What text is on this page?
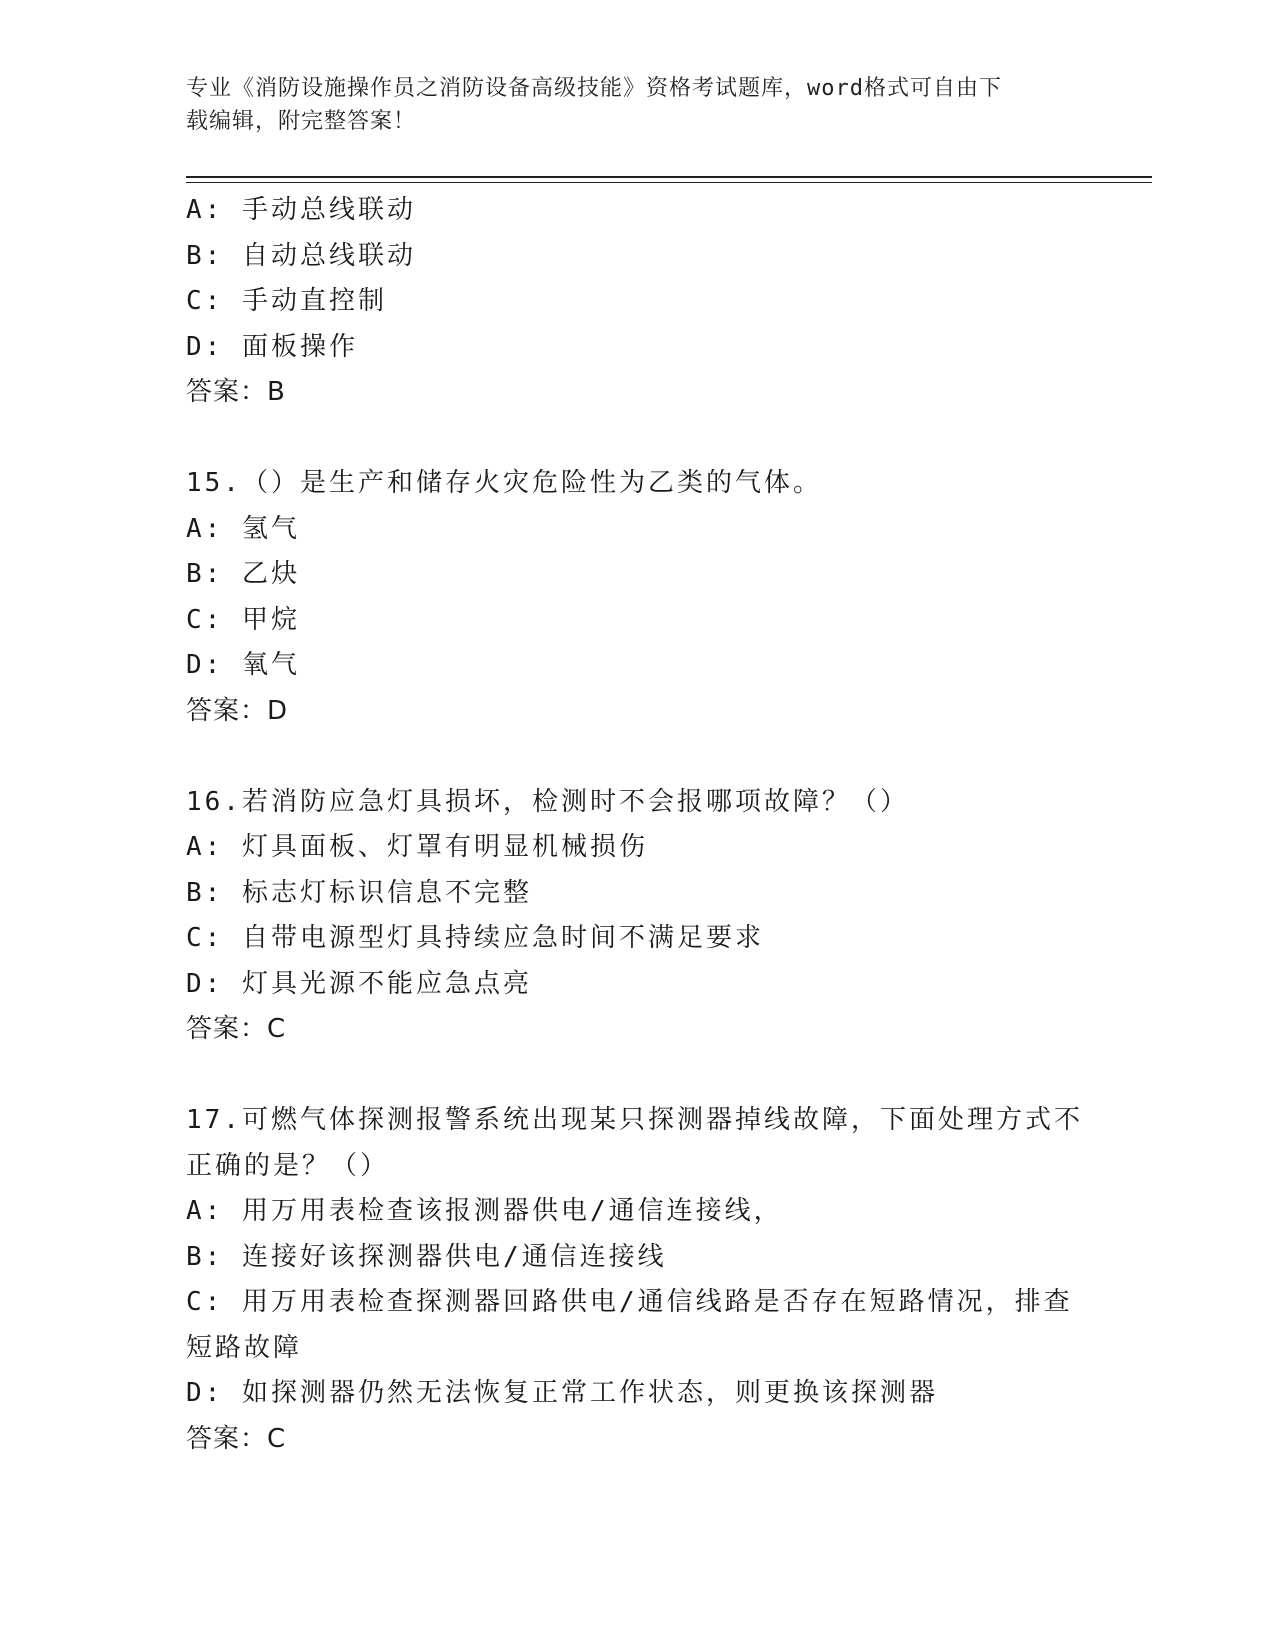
专业《消防设施操作员之消防设备高级技能》资格考试题库，word格式可自由下
载编辑，附完整答案！
A: 手动总线联动
B: 自动总线联动
C: 手动直控制
D: 面板操作
答案：B
15.（）是生产和储存火灾危险性为乙类的气体。
A: 氢气
B: 乙炔
C: 甲烷
D: 氧气
答案：D
16.若消防应急灯具损坏，检测时不会报哪项故障？（）
A: 灯具面板、灯罩有明显机械损伤
B: 标志灯标识信息不完整
C: 自带电源型灯具持续应急时间不满足要求
D: 灯具光源不能应急点亮
答案：C
17.可燃气体探测报警系统出现某只探测器掉线故障，下面处理方式不
正确的是？（）
A: 用万用表检查该报测器供电/通信连接线，
B: 连接好该探测器供电/通信连接线
C: 用万用表检查探测器回路供电/通信线路是否存在短路情况，排查
短路故障
D: 如探测器仍然无法恢复正常工作状态，则更换该探测器
答案：C
